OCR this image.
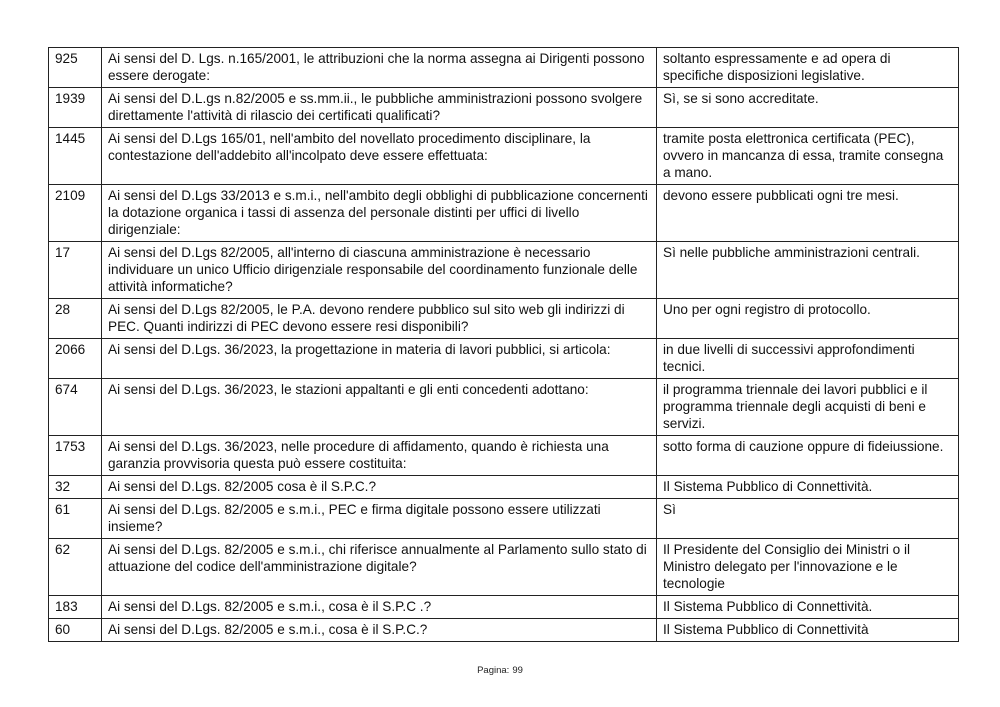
925	Ai sensi del D. Lgs. n.165/2001, le attribuzioni che la norma assegna ai Dirigenti possono essere derogate:	soltanto espressamente e ad opera di specifiche disposizioni legislative.
1939	Ai sensi del D.L.gs n.82/2005 e ss.mm.ii., le pubbliche amministrazioni possono svolgere direttamente l'attività di rilascio dei certificati qualificati?	Sì, se si sono accreditate.
1445	Ai sensi del D.Lgs 165/01, nell'ambito del novellato procedimento disciplinare, la contestazione dell'addebito all'incolpato deve essere effettuata:	tramite posta elettronica certificata (PEC), ovvero in mancanza di essa, tramite consegna a mano.
2109	Ai sensi del D.Lgs 33/2013 e s.m.i., nell'ambito degli obblighi di pubblicazione concernenti la dotazione organica i tassi di assenza del personale distinti per uffici di livello dirigenziale:	devono essere pubblicati ogni tre mesi.
17	Ai sensi del D.Lgs 82/2005, all'interno di ciascuna amministrazione è necessario individuare un unico Ufficio dirigenziale responsabile del coordinamento funzionale delle attività informatiche?	Sì nelle pubbliche amministrazioni centrali.
28	Ai sensi del D.Lgs 82/2005, le P.A. devono rendere pubblico sul sito web gli indirizzi di PEC. Quanti indirizzi di PEC devono essere resi disponibili?	Uno per ogni registro di protocollo.
2066	Ai sensi del D.Lgs. 36/2023, la progettazione in materia di lavori pubblici, si articola:	in due livelli di successivi approfondimenti tecnici.
674	Ai sensi del D.Lgs. 36/2023, le stazioni appaltanti e gli enti concedenti adottano:	il programma triennale dei lavori pubblici e il programma triennale degli acquisti di beni e servizi.
1753	Ai sensi del D.Lgs. 36/2023, nelle procedure di affidamento, quando è richiesta una garanzia provvisoria questa può essere costituita:	sotto forma di cauzione oppure di fideiussione.
32	Ai sensi del D.Lgs. 82/2005 cosa è il S.P.C.?	Il Sistema Pubblico di Connettività.
61	Ai sensi del D.Lgs. 82/2005 e s.m.i., PEC e firma digitale possono essere utilizzati insieme?	Sì
62	Ai sensi del D.Lgs. 82/2005 e s.m.i., chi riferisce annualmente al Parlamento sullo stato di attuazione del codice dell'amministrazione digitale?	Il Presidente del Consiglio dei Ministri o il Ministro delegato per l'innovazione e le tecnologie
183	Ai sensi del D.Lgs. 82/2005 e s.m.i., cosa è il S.P.C .?	Il Sistema Pubblico di Connettività.
60	Ai sensi del D.Lgs. 82/2005 e s.m.i., cosa è il S.P.C.?	Il Sistema Pubblico di Connettività
Pagina: 99
